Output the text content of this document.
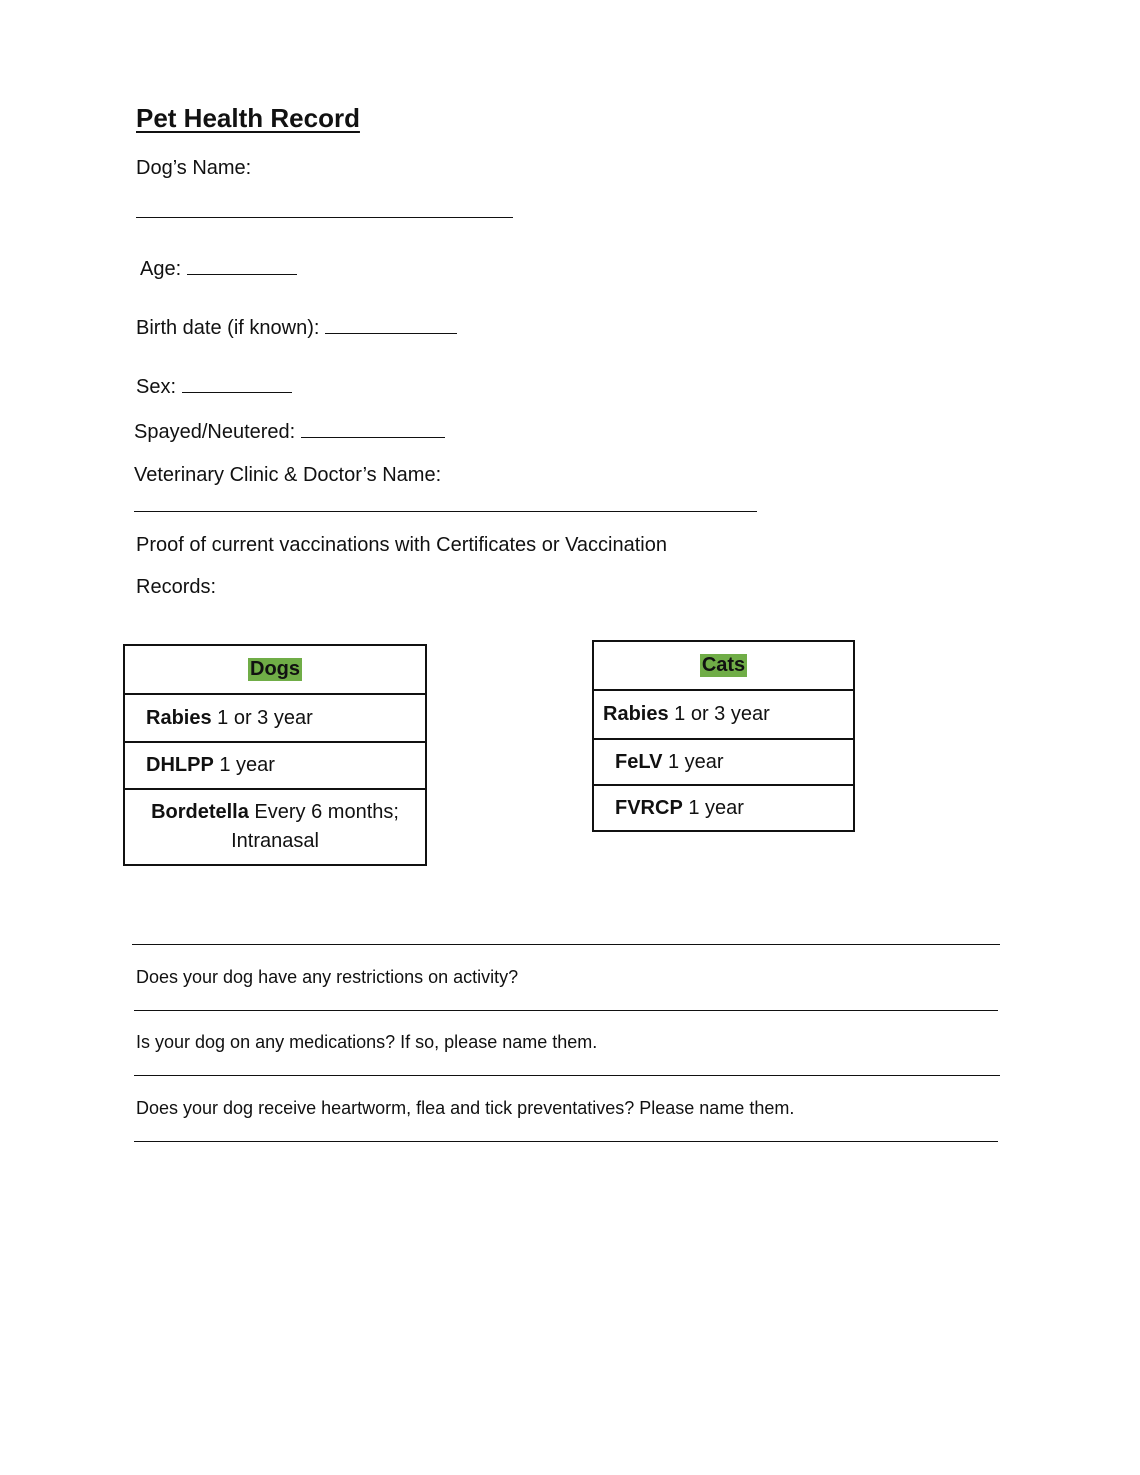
Pet Health Record
Dog’s Name:
Age:
Birth date (if known):
Sex:
Spayed/Neutered:
Veterinary Clinic & Doctor’s Name:
Proof of current vaccinations with Certificates or Vaccination
Records:
Dogs
Rabies 1 or 3 year
DHLPP 1 year
Bordetella Every 6 months;
Intranasal
Cats
Rabies 1 or 3 year
FeLV 1 year
FVRCP 1 year
Does your dog have any restrictions on activity?
Is your dog on any medications? If so, please name them.
Does your dog receive heartworm, flea and tick preventatives? Please name them.
